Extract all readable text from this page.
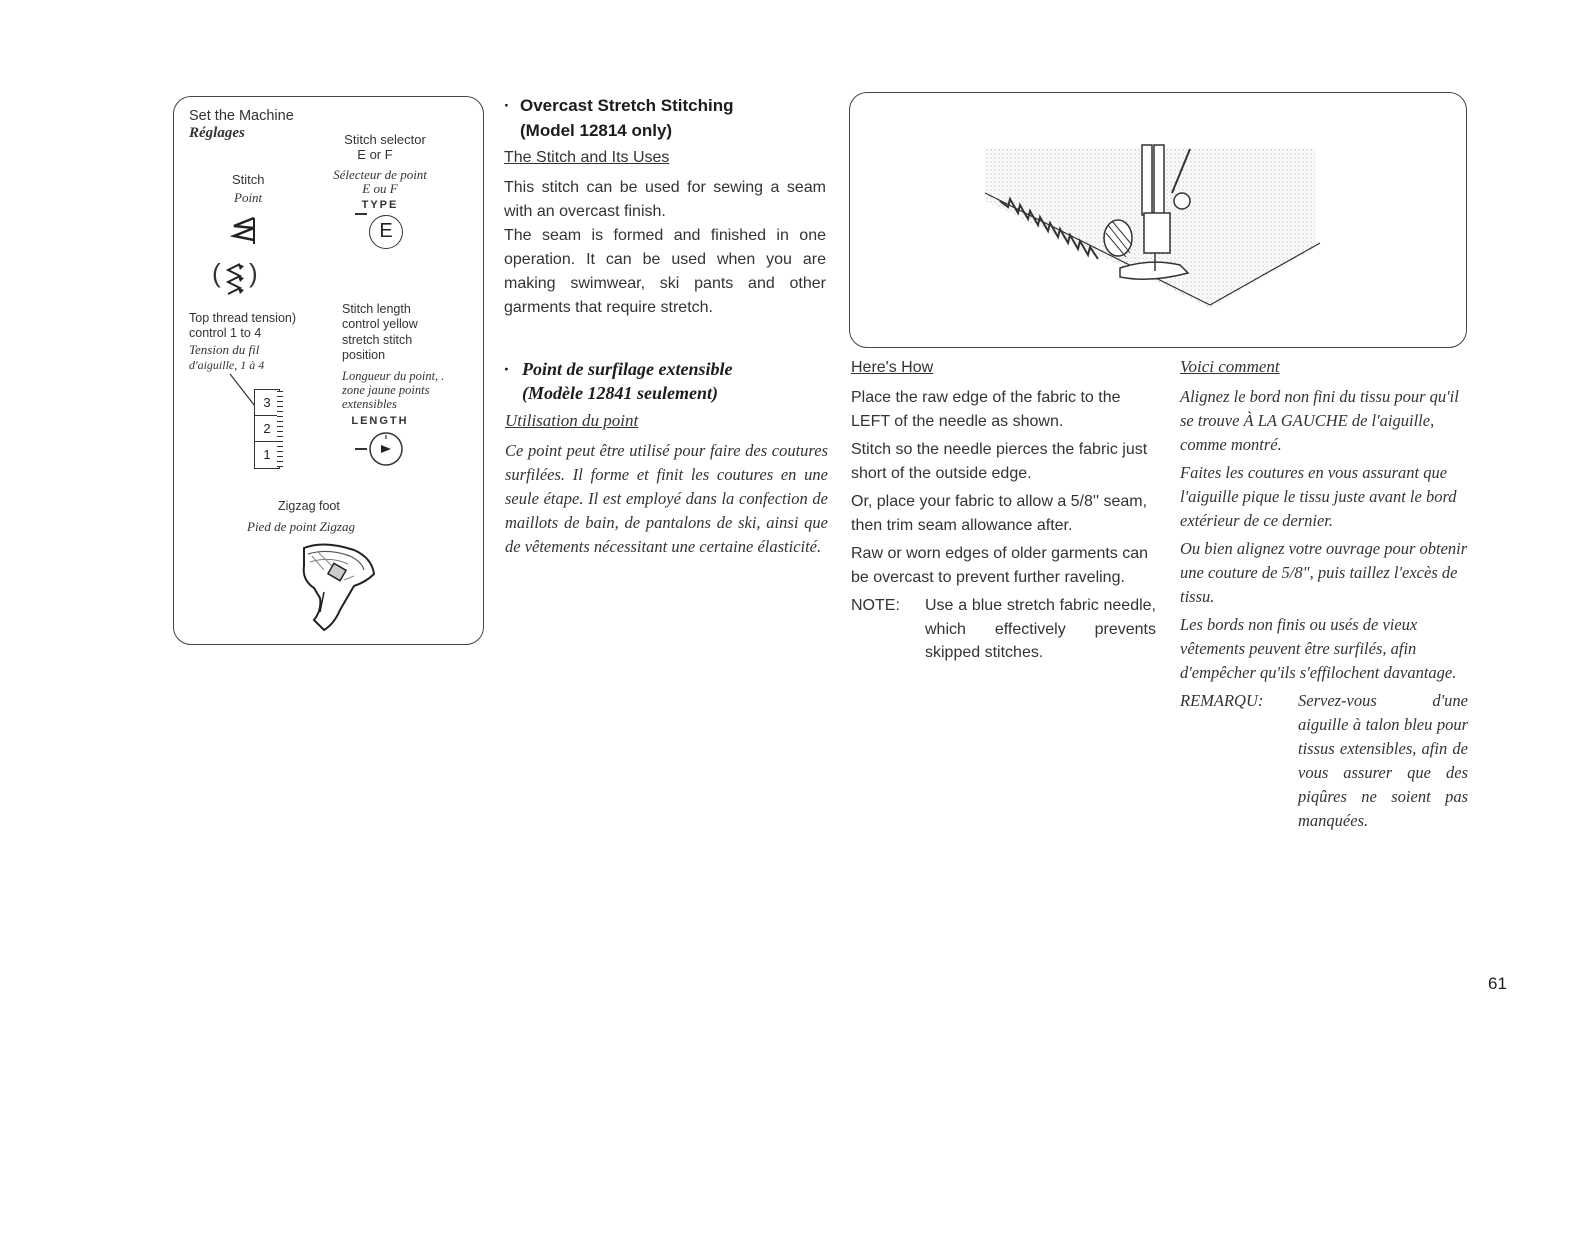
Set the Machine
Réglages	Stitch selector
E or F
Sélecteur de point
E ou F
TYPE
E
Stitch
Point
( )
Top thread tension)
control 1 to 4
Tension du fil
d'aiguille, 1 à 4
3
2
1
Stitch length
control yellow
stretch stitch
position
Longueur du point, .
zone jaune points
extensibles
LENGTH
Zigzag foot
Pied de point Zigzag
· Overcast Stretch Stitching
(Model 12814 only)
The Stitch and Its Uses
This stitch can be used for sewing a seam with an overcast finish.
The seam is formed and finished in one operation. It can be used when you are making swimwear, ski pants and other garments that require stretch.
· Point de surfilage extensible
(Modèle 12841 seulement)
Utilisation du point
Ce point peut être utilisé pour faire des coutures surfilées. Il forme et finit les coutures en une seule étape. Il est employé dans la confection de maillots de bain, de pantalons de ski, ainsi que de vêtements nécessitant une certaine élasticité.
Here's How

Place the raw edge of the fabric to the LEFT of the needle as shown.

Stitch so the needle pierces the fabric just short of the outside edge.

Or, place your fabric to allow a 5/8'' seam, then trim seam allowance after.

Raw or worn edges of older garments can be overcast to prevent further raveling.

NOTE:	Use a blue stretch fabric needle, which effectively prevents skipped stitches.
Voici comment

Alignez le bord non fini du tissu pour qu'il se trouve À LA GAUCHE de l'aiguille, comme montré.

Faites les coutures en vous assurant que l'aiguille pique le tissu juste avant le bord extérieur de ce dernier.

Ou bien alignez votre ouvrage pour obtenir une couture de 5/8", puis taillez l'excès de tissu.

Les bords non finis ou usés de vieux vêtements peuvent être surfilés, afin d'empêcher qu'ils s'effilochent davantage.

REMARQU:	Servez-vous d'une aiguille à talon bleu pour tissus extensibles, afin de vous assurer que des piqûres ne soient pas manquées.
61
